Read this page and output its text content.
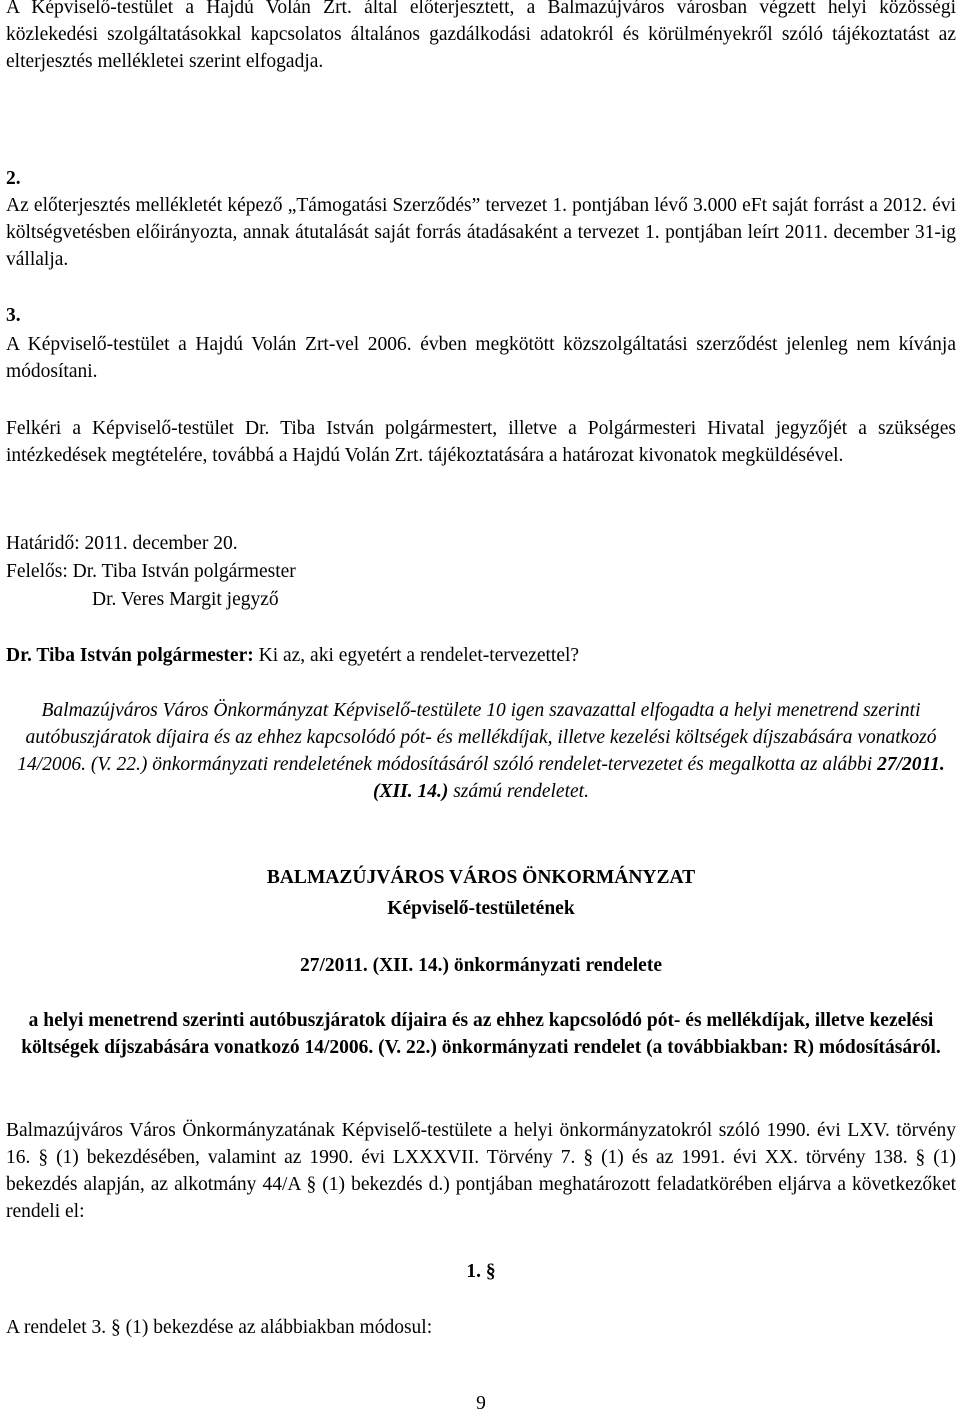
A Képviselő-testület a Hajdú Volán Zrt. által előterjesztett, a Balmazújváros városban végzett helyi közösségi közlekedési szolgáltatásokkal kapcsolatos általános gazdálkodási adatokról és körülményekről szóló tájékoztatást az elterjesztés mellékletei szerint elfogadja.

2.

Az előterjesztés mellékletét képező „Támogatási Szerződés” tervezet 1. pontjában lévő 3.000 eFt saját forrást a 2012. évi költségvetésben előirányozta, annak átutalását saját forrás átadásaként a tervezet 1. pontjában leírt 2011. december 31-ig vállalja.

3.

A Képviselő-testület a Hajdú Volán Zrt-vel 2006. évben megkötött közszolgáltatási szerződést jelenleg nem kívánja módosítani.

Felkéri a Képviselő-testület Dr. Tiba István polgármestert, illetve a Polgármesteri Hivatal jegyzőjét a szükséges intézkedések megtételére, továbbá a Hajdú Volán Zrt. tájékoztatására a határozat kivonatok megküldésével.

Határidő: 2011. december 20.

Felelős: Dr. Tiba István polgármester

Dr. Veres Margit jegyző

Dr. Tiba István polgármester: Ki az, aki egyetért a rendelet-tervezettel?

Balmazújváros Város Önkormányzat Képviselő-testülete 10 igen szavazattal elfogadta a helyi menetrend szerinti autóbuszjáratok díjaira és az ehhez kapcsolódó pót- és mellékdíjak, illetve kezelési költségek díjszabására vonatkozó 14/2006. (V. 22.) önkormányzati rendeletének módosításáról szóló rendelet-tervezetet és megalkotta az alábbi 27/2011. (XII. 14.) számú rendeletet.

BALMAZÚJVÁROS VÁROS ÖNKORMÁNYZAT

Képviselő-testületének

27/2011. (XII. 14.) önkormányzati rendelete

a helyi menetrend szerinti autóbuszjáratok díjaira és az ehhez kapcsolódó pót- és mellékdíjak, illetve kezelési költségek díjszabására vonatkozó 14/2006. (V. 22.) önkormányzati rendelet (a továbbiakban: R) módosításáról.

Balmazújváros Város Önkormányzatának Képviselő-testülete a helyi önkormányzatokról szóló 1990. évi LXV. törvény 16. § (1) bekezdésében, valamint az 1990. évi LXXXVII. Törvény 7. § (1) és az 1991. évi XX. törvény 138. § (1) bekezdés alapján, az alkotmány 44/A § (1) bekezdés d.) pontjában meghatározott feladatkörében eljárva a következőket rendeli el:

1. §

A rendelet 3. § (1) bekezdése az alábbiakban módosul:

9
